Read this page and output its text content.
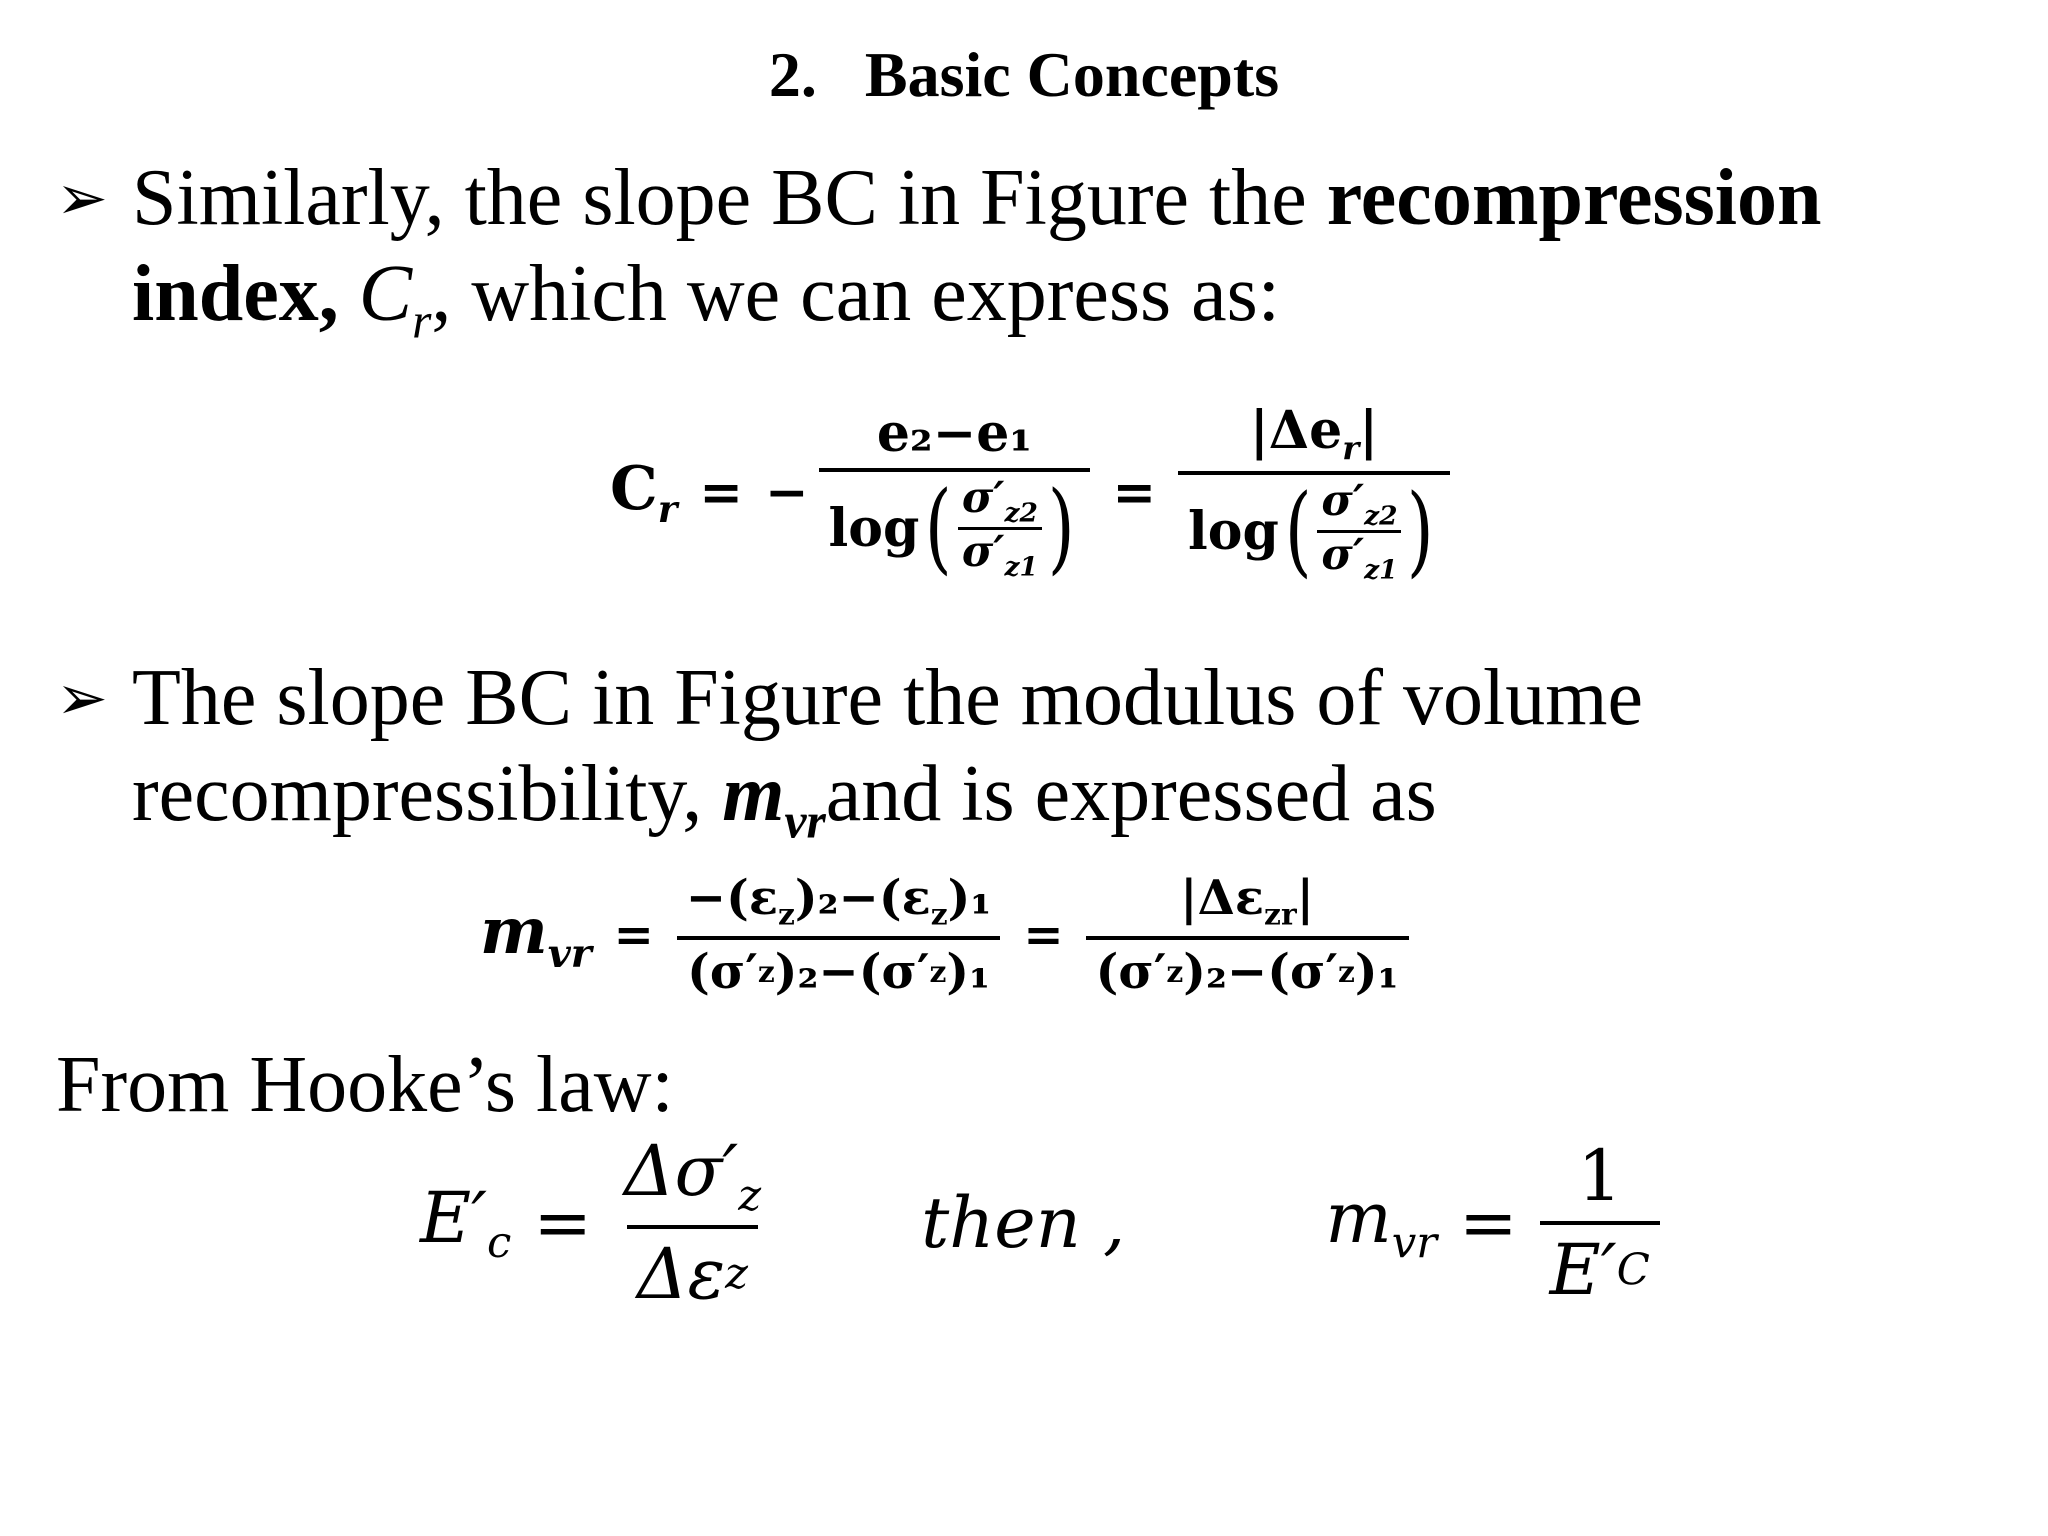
2. Basic Concepts
➢ Similarly, the slope BC in Figure the recompression index, $C_r$, which we can express as:
$C_r$ = − $\frac{\text{e₂−e₁}}{\log ( \frac{\sigma'_{z2}}{\sigma'_{z1}} )} = \frac{|\Delta e_r|}{\log ( \frac{\sigma'_{z2}}{\sigma'_{z1}} )}$
➢ The slope BC in Figure the modulus of volume recompressibility, $m_{vr}and$ is expressed as
$m_{vr} = \frac{-(\varepsilon_z)_2-(\varepsilon_z)_1}{\text{(σ′ z )₂−(σ′ z )₁}} = \frac{|\Delta\varepsilon_{zr}|}{\text{(σ′ z )₂−(σ′ z )₁}}$
From Hooke’s law:
$E'_c = \frac{\Delta\sigma'_z}{\text{Δε z}}$ then ,	$m_{vr} = \frac{1}{E' C}$
